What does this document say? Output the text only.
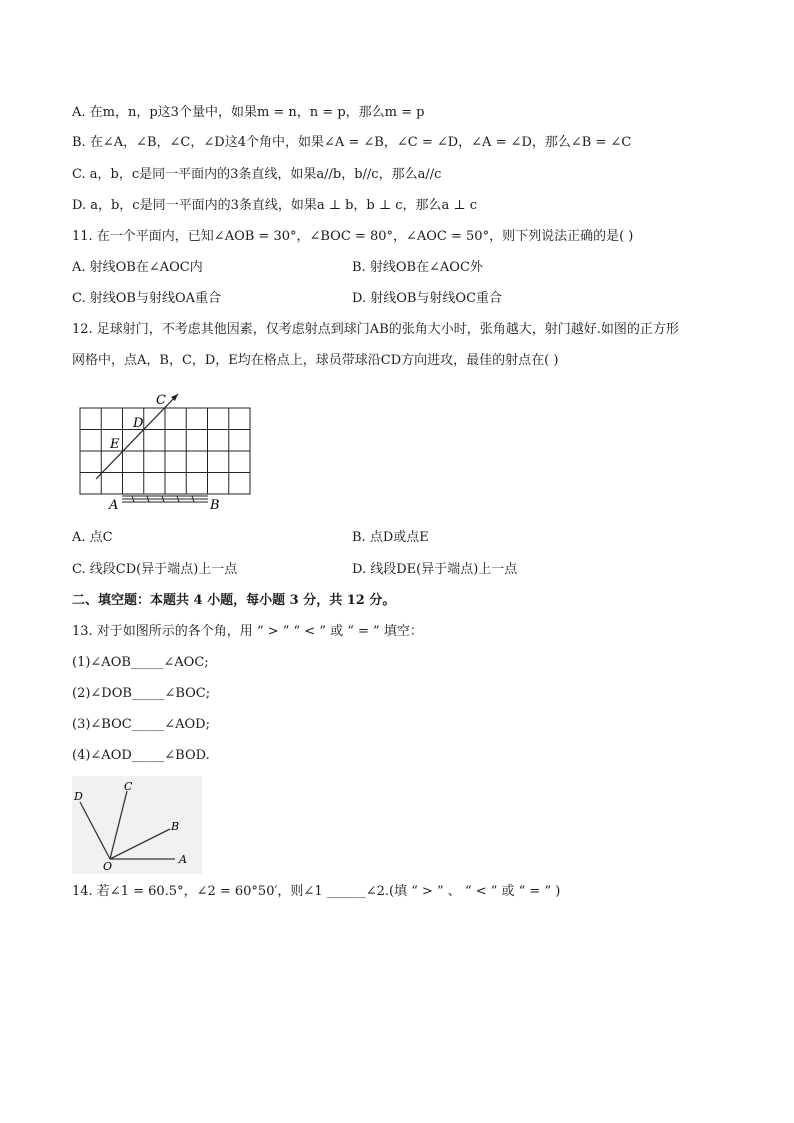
A. 在m，n，p这3个量中，如果m = n，n = p，那么m = p
B. 在∠A，∠B，∠C，∠D这4个角中，如果∠A = ∠B，∠C = ∠D，∠A = ∠D，那么∠B = ∠C
C. a，b，c是同一平面内的3条直线，如果a//b，b//c，那么a//c
D. a，b，c是同一平面内的3条直线，如果a ⊥ b，b ⊥ c，那么a ⊥ c
11. 在一个平面内，已知∠AOB = 30°，∠BOC = 80°，∠AOC = 50°，则下列说法正确的是( )
A. 射线OB在∠AOC内	B. 射线OB在∠AOC外
C. 射线OB与射线OA重合	D. 射线OB与射线OC重合
12. 足球射门，不考虑其他因素，仅考虑射点到球门AB的张角大小时，张角越大，射门越好.如图的正方形
网格中，点A，B，C，D，E均在格点上，球员带球沿CD方向进攻，最佳的射点在( )
C
D
E
A	B
A. 点C	B. 点D或点E
C. 线段CD(异于端点)上一点	D. 线段DE(异于端点)上一点
二、填空题：本题共 4 小题，每小题 3 分，共 12 分。
13. 对于如图所示的各个角，用 “ > ” “ < ” 或 “ = ” 填空：
(1)∠AOB_____∠AOC;
(2)∠DOB_____∠BOC;
(3)∠BOC_____∠AOD;
(4)∠AOD_____∠BOD.
O
A
B
C
D
14. 若∠1 = 60.5°，∠2 = 60°50′，则∠1 ______∠2.(填 “ > ” 、 “ < ” 或 “ = ” )
